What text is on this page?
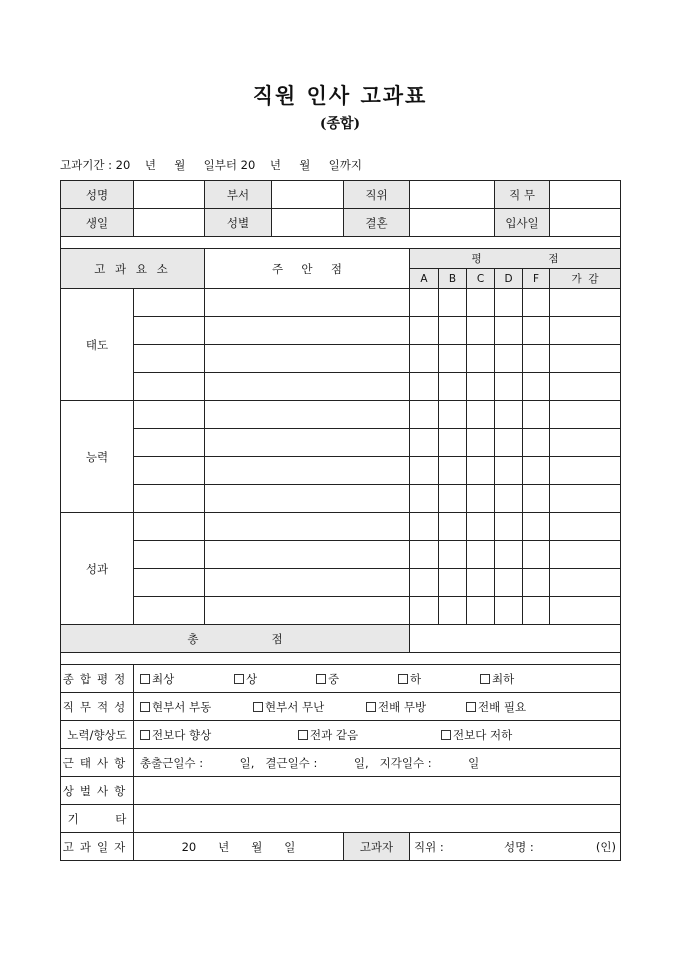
직원 인사 고과표
(종합)
고과기간 : 20    년     월     일부터 20    년     월     일까지
성명		부서		직위				직 무		
생일		성별		결혼				입사일		

고 과 요 소		주     안     점			평                    점					
					A	B	C	D	F	가  감
태도										

능력										

성과										

총                    점										

종합평정	최상 상 중 하 최하									
직무적성	현부서 부동 현부서 무난 전배 무방 전배 필요									
노력/향상도	전보다 향상 전과 같음 전보다 저하									
근태사항	총출근일수 :          일,   결근일수 :          일,   지각일수 :          일									
상벌사항										
기          타										
고과일자	20      년      월      일			고과자	직위 : 성명 : (인)					
